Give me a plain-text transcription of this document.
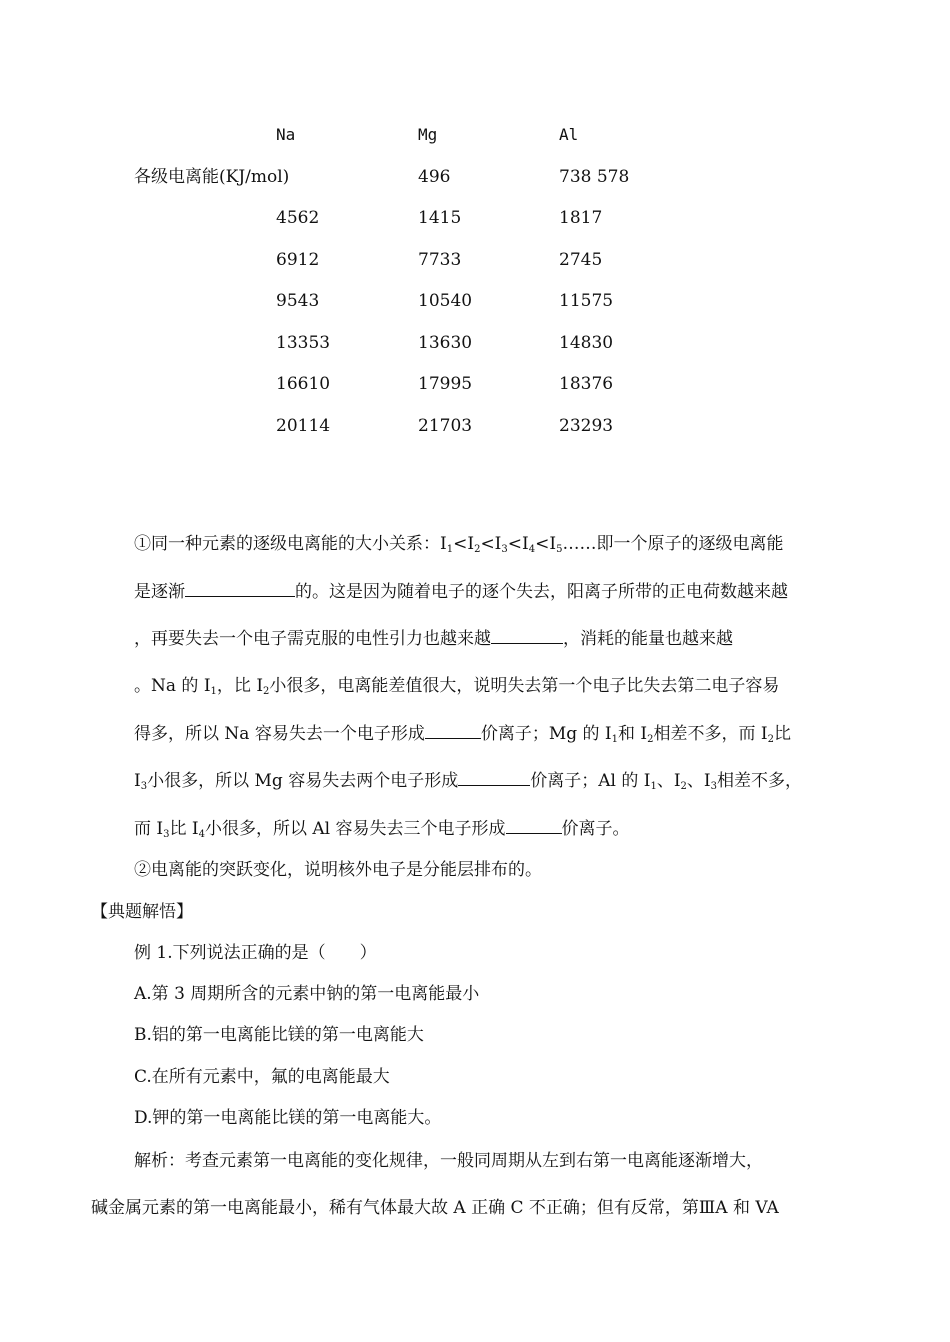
Na	Mg	Al
各级电离能(KJ/mol)	496	738 578
4562	1415	1817
6912	7733	2745
9543	10540	11575
13353	13630	14830
16610	17995	18376
20114	21703	23293
①同一种元素的逐级电离能的大小关系：$I_1<I_2<I_3<I_4<I_5\dots\dots$即一个原子的逐级电离能
是逐渐	的。这是因为随着电子的逐个失去，阳离子所带的正电荷数越来越
，再要失去一个电子需克服的电性引力也越来越	，消耗的能量也越来越
。Na 的 $I_1$，比 $I_2$小很多，电离能差值很大，说明失去第一个电子比失去第二电子容易
得多，所以 Na 容易失去一个电子形成	价离子；Mg 的 $I_1$和 $I_2$相差不多，而 $I_2$比
$I_3$小很多，所以 Mg 容易失去两个电子形成	价离子；Al 的 $I_1$、$I_2$、$I_3$相差不多，
而 $I_3$比 $I_4$小很多，所以 Al 容易失去三个电子形成	价离子。
②电离能的突跃变化，说明核外电子是分能层排布的。
【典题解悟】
例 1.下列说法正确的是（　　）
A.第 3 周期所含的元素中钠的第一电离能最小
B.铝的第一电离能比镁的第一电离能大
C.在所有元素中，氟的电离能最大
D.钾的第一电离能比镁的第一电离能大。
解析：考查元素第一电离能的变化规律，一般同周期从左到右第一电离能逐渐增大，
碱金属元素的第一电离能最小，稀有气体最大故 A 正确 C 不正确；但有反常，第ⅢA 和 VA
